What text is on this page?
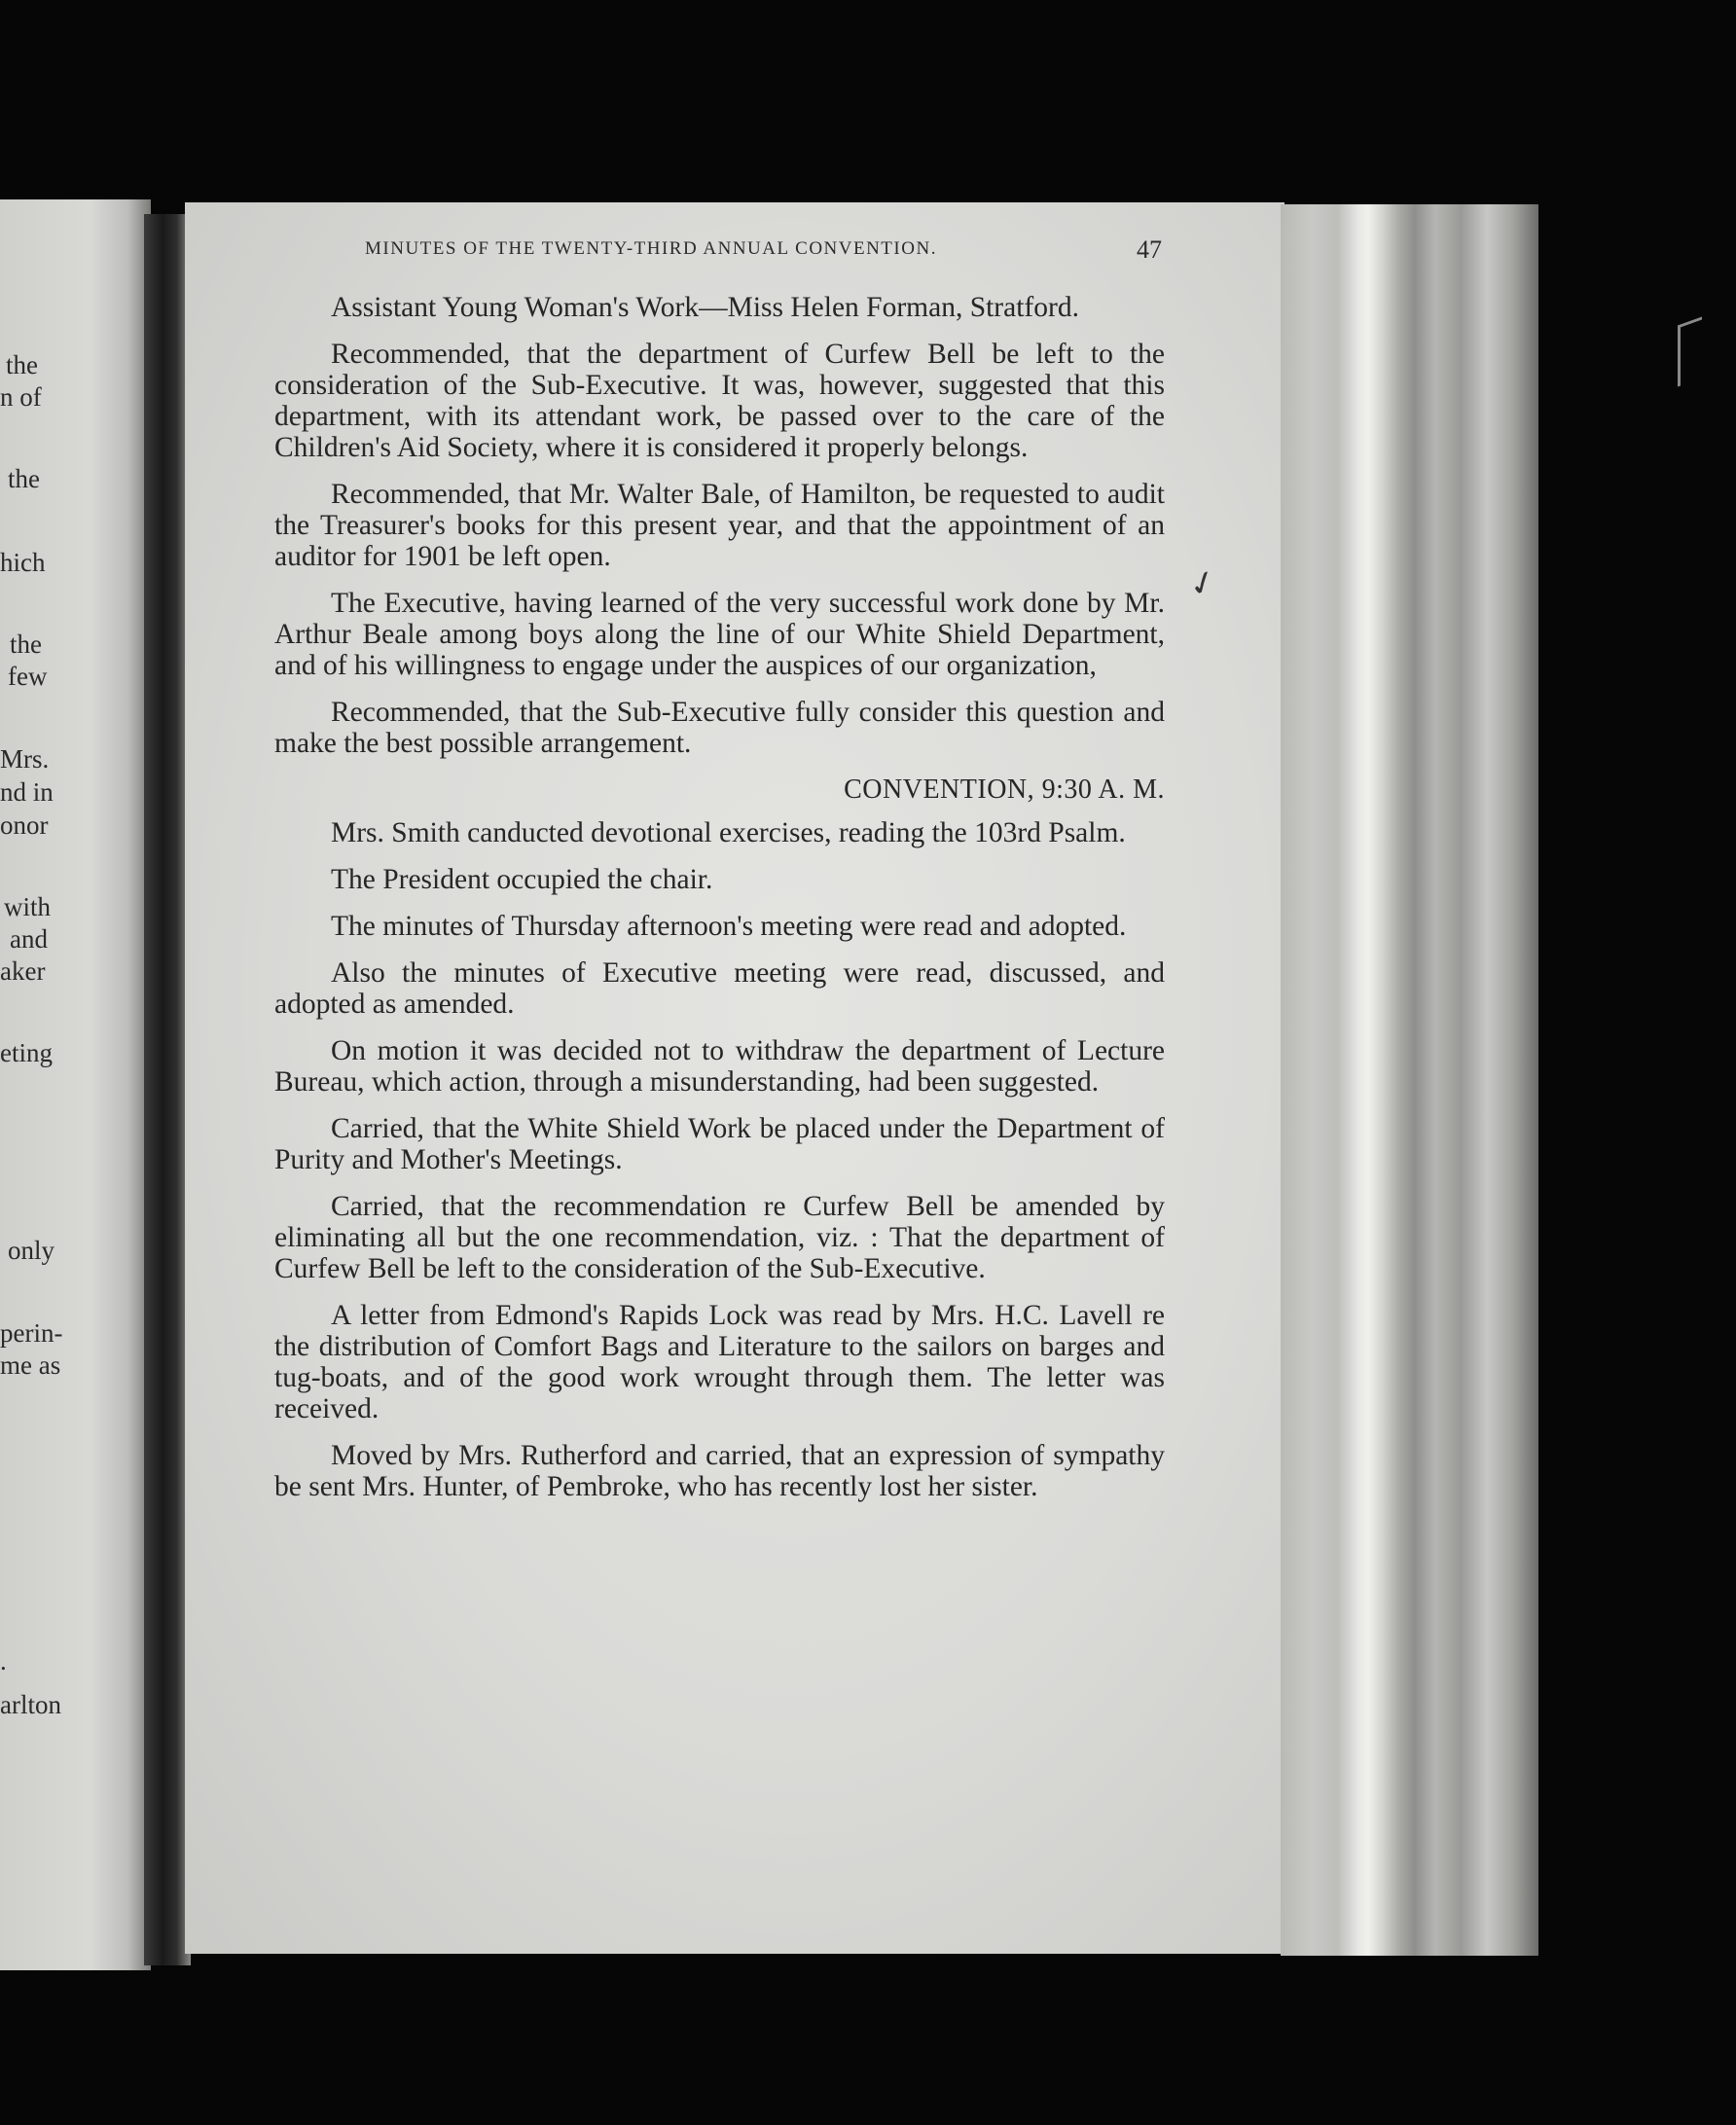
the
n of
the
hich
the
few
Mrs.
nd in
onor
with
and
aker
eting
only
perin-
me as
.
arlton
MINUTES OF THE TWENTY-THIRD ANNUAL CONVENTION.	47

Assistant Young Woman's Work—Miss Helen Forman, Stratford.

Recommended, that the department of Curfew Bell be left to the consideration of the Sub-Executive. It was, however, suggested that this department, with its attendant work, be passed over to the care of the Children's Aid Society, where it is considered it properly belongs.

Recommended, that Mr. Walter Bale, of Hamilton, be requested to audit the Treasurer's books for this present year, and that the appointment of an auditor for 1901 be left open.

The Executive, having learned of the very successful work done by Mr. Arthur Beale among boys along the line of our White Shield Department, and of his willingness to engage under the auspices of our organization,

Recommended, that the Sub-Executive fully consider this question and make the best possible arrangement.

CONVENTION, 9:30 A. M.

Mrs. Smith canducted devotional exercises, reading the 103rd Psalm.

The President occupied the chair.

The minutes of Thursday afternoon's meeting were read and adopted.

Also the minutes of Executive meeting were read, discussed, and adopted as amended.

On motion it was decided not to withdraw the department of Lecture Bureau, which action, through a misunderstanding, had been suggested.

Carried, that the White Shield Work be placed under the Department of Purity and Mother's Meetings.

Carried, that the recommendation re Curfew Bell be amended by eliminating all but the one recommendation, viz. : That the department of Curfew Bell be left to the consideration of the Sub-Executive.

A letter from Edmond's Rapids Lock was read by Mrs. H.C. Lavell re the distribution of Comfort Bags and Literature to the sailors on barges and tug-boats, and of the good work wrought through them. The letter was received.

Moved by Mrs. Rutherford and carried, that an expression of sympathy be sent Mrs. Hunter, of Pembroke, who has recently lost her sister.

✓
